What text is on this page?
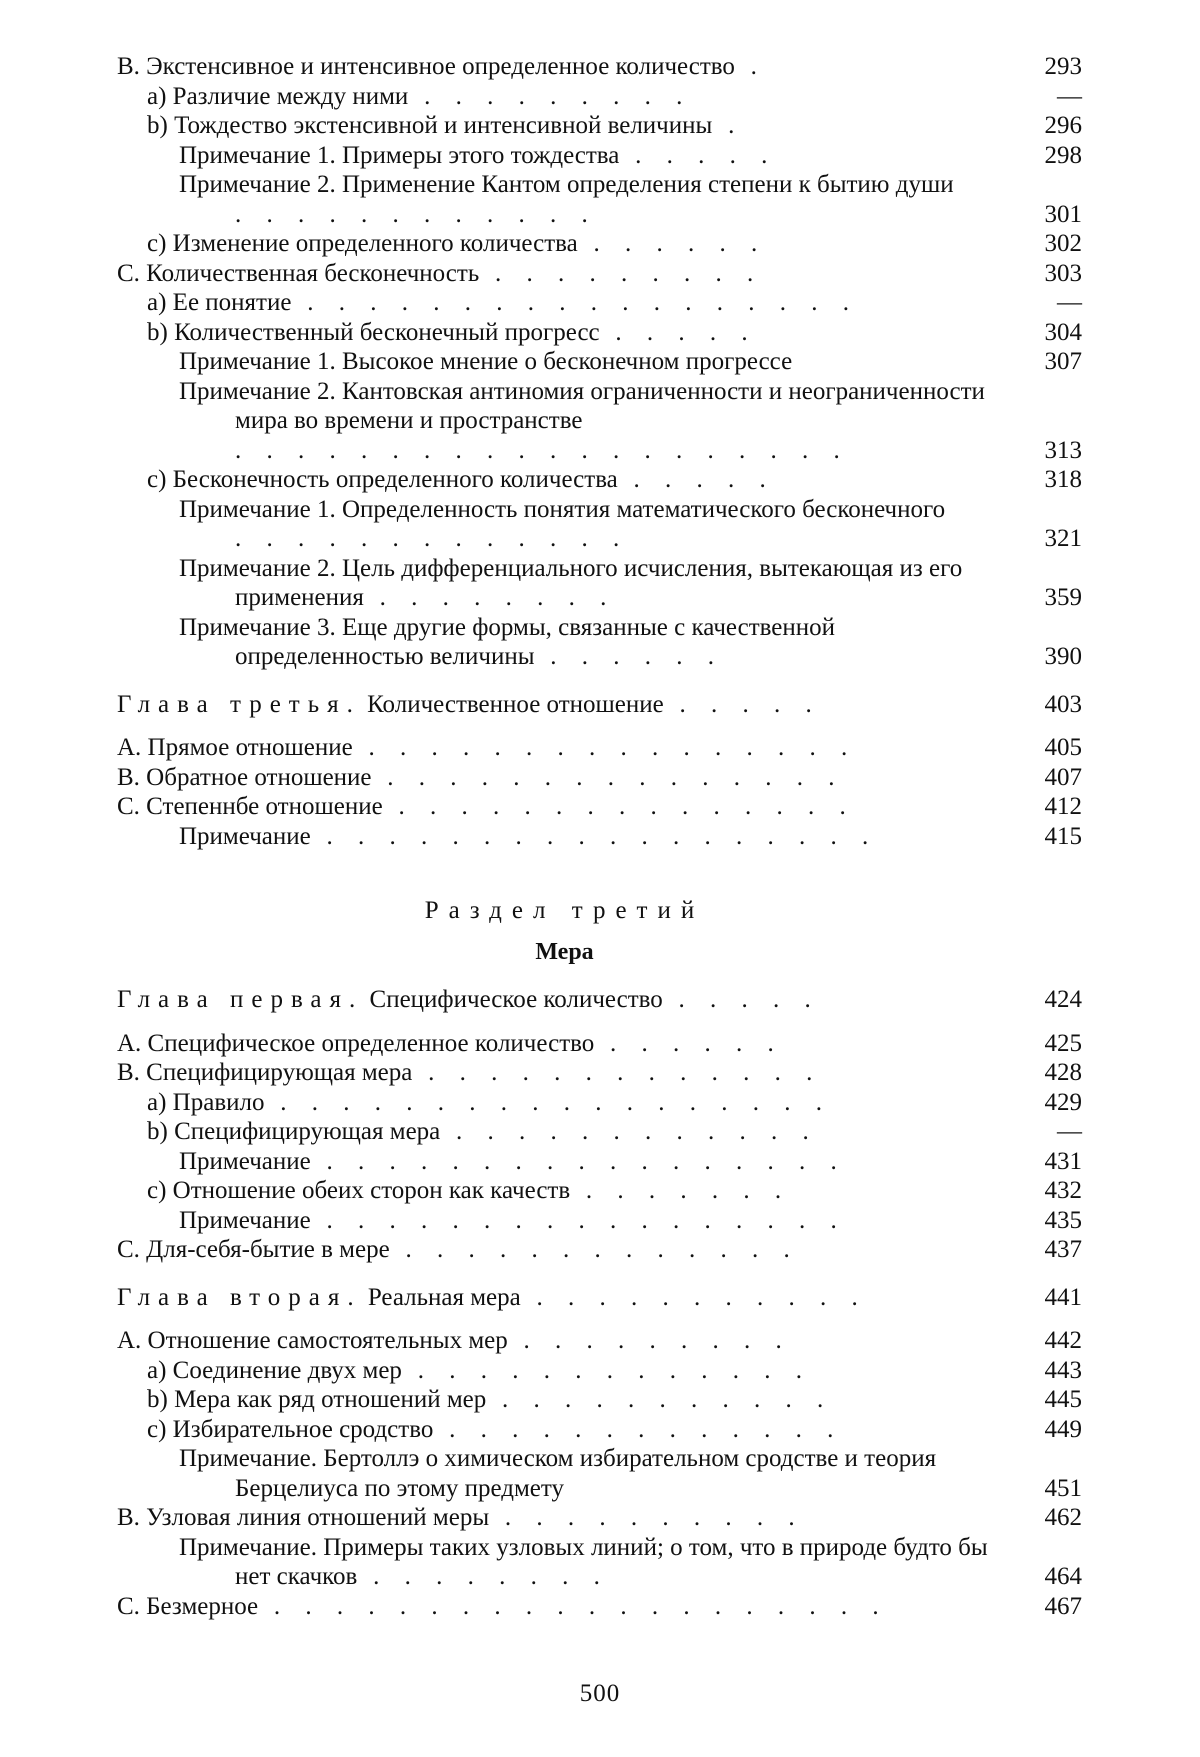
В. Экстенсивное и интенсивное определенное количество .	293
a) Различие между ними . . . . . . . . .	—
b) Тождество экстенсивной и интенсивной величины .	296
Примечание 1. Примеры этого тождества . . . . .	298
Примечание 2. Применение Кантом определения степени к бытию души . . . . . . . . . . . .	301
c) Изменение определенного количества . . . . . .	302
С. Количественная бесконечность . . . . . . . . .	303
a) Ее понятие . . . . . . . . . . . . . . . . . .	—
b) Количественный бесконечный прогресс . . . . .	304
Примечание 1. Высокое мнение о бесконечном прогрессе	307
Примечание 2. Кантовская антиномия ограниченности и неограниченности мира во времени и пространстве . . . . . . . . . . . . . . . . . . . .	313
c) Бесконечность определенного количества . . . . .	318
Примечание 1. Определенность понятия математического бесконечного . . . . . . . . . . . . .	321
Примечание 2. Цель дифференциального исчисления, вытекающая из его применения . . . . . . . .	359
Примечание 3. Еще другие формы, связанные с качественной определенностью величины . . . . . .	390
Глава третья. Количественное отношение . . . . .	403
А. Прямое отношение . . . . . . . . . . . . . . . .	405
В. Обратное отношение . . . . . . . . . . . . . . .	407
С. Степеннбе отношение . . . . . . . . . . . . . . .	412
Примечание . . . . . . . . . . . . . . . . . .	415
Раздел третий
Мера
Глава первая. Специфическое количество . . . . .	424
А. Специфическое определенное количество . . . . . .	425
В. Специфицирующая мера . . . . . . . . . . . . .	428
a) Правило . . . . . . . . . . . . . . . . . .	429
b) Специфицирующая мера . . . . . . . . . . . .	—
Примечание . . . . . . . . . . . . . . . . .	431
c) Отношение обеих сторон как качеств . . . . . . .	432
Примечание . . . . . . . . . . . . . . . . .	435
С. Для-себя-бытие в мере . . . . . . . . . . . . .	437
Глава вторая. Реальная мера . . . . . . . . . . .	441
А. Отношение самостоятельных мер . . . . . . . . .	442
a) Соединение двух мер . . . . . . . . . . . . .	443
b) Мера как ряд отношений мер . . . . . . . . . . .	445
c) Избирательное сродство . . . . . . . . . . . . .	449
Примечание. Бертоллэ о химическом избирательном сродстве и теория Берцелиуса по этому предмету	451
В. Узловая линия отношений меры . . . . . . . . . .	462
Примечание. Примеры таких узловых линий; о том, что в природе будто бы нет скачков . . . . . . . .	464
С. Безмерное . . . . . . . . . . . . . . . . . . . .	467
500
